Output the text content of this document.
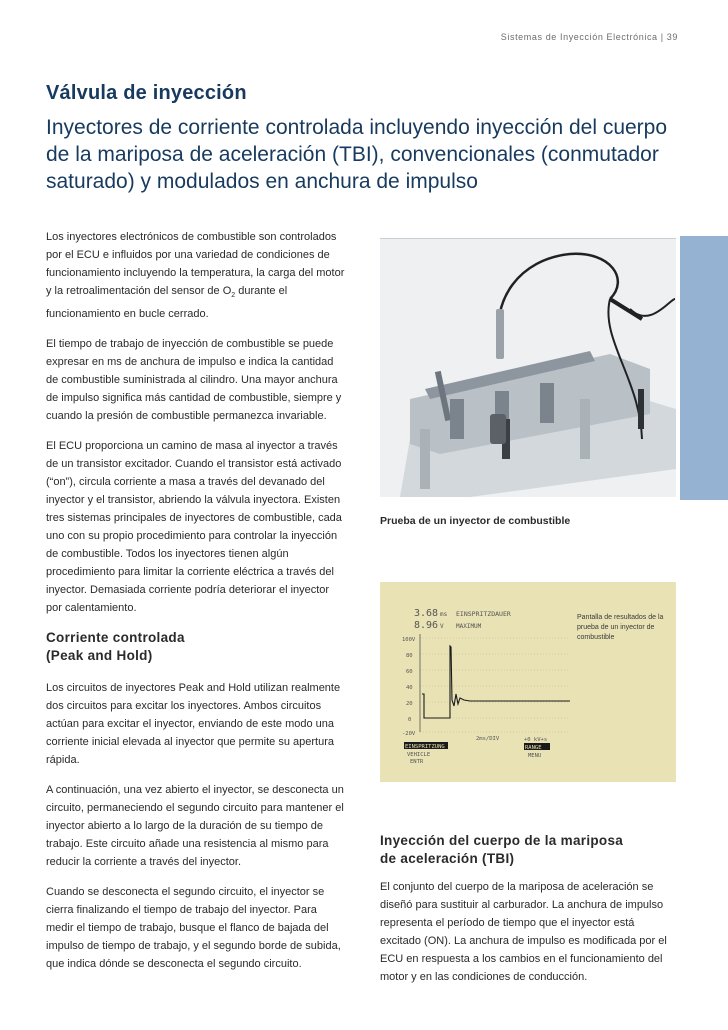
Sistemas de Inyección Electrónica | 39
Válvula de inyección
Inyectores de corriente controlada incluyendo inyección del cuerpo de la mariposa de aceleración (TBI), convencionales (conmutador saturado) y modulados en anchura de impulso

Los inyectores electrónicos de combustible son controlados por el ECU e influidos por una variedad de condiciones de funcionamiento incluyendo la temperatura, la carga del motor y la retroalimentación del sensor de $O_2$ durante el funcionamiento en bucle cerrado.

El tiempo de trabajo de inyección de combustible se puede expresar en ms de anchura de impulso e indica la cantidad de combustible suministrada al cilindro. Una mayor anchura de impulso significa más cantidad de combustible, siempre y cuando la presión de combustible permanezca invariable.

El ECU proporciona un camino de masa al inyector a través de un transistor excitador. Cuando el transistor está activado (“on”), circula corriente a masa a través del devanado del inyector y el transistor, abriendo la válvula inyectora. Existen tres sistemas principales de inyectores de combustible, cada uno con su propio procedimiento para controlar la inyección de combustible. Todos los inyectores tienen algún procedimiento para limitar la corriente eléctrica a través del inyector. Demasiada corriente podría deteriorar el inyector por calentamiento.

Corriente controlada
(Peak and Hold)

Los circuitos de inyectores Peak and Hold utilizan realmente dos circuitos para excitar los inyectores. Ambos circuitos actúan para excitar el inyector, enviando de este modo una corriente inicial elevada al inyector que permite su apertura rápida.

A continuación, una vez abierto el inyector, se desconecta un circuito, permaneciendo el segundo circuito para mantener el inyector abierto a lo largo de la duración de su tiempo de trabajo. Este circuito añade una resistencia al mismo para reducir la corriente a través del inyector.

Cuando se desconecta el segundo circuito, el inyector se cierra finalizando el tiempo de trabajo del inyector. Para medir el tiempo de trabajo, busque el flanco de bajada del impulso de tiempo de trabajo, y el segundo borde de subida, que indica dónde se desconecta el segundo circuito.

Prueba de un inyector de combustible
3.68 ms EINSPRITZDAUER
8.96 V MAXIMUM
100V
80
60
40
20
0
-20V
2ms/DIV
EINSPRITZUNG
VEHICLE
ENTR
+0 kV+s
RANGE
MENU
Pantalla de resultados de la prueba de un inyector de combustible
Inyección del cuerpo de la mariposa
de aceleración (TBI)

El conjunto del cuerpo de la mariposa de aceleración se diseñó para sustituir al carburador. La anchura de impulso representa el período de tiempo que el inyector está excitado (ON). La anchura de impulso es modificada por el ECU en respuesta a los cambios en el funcionamiento del motor y en las condiciones de conducción.
